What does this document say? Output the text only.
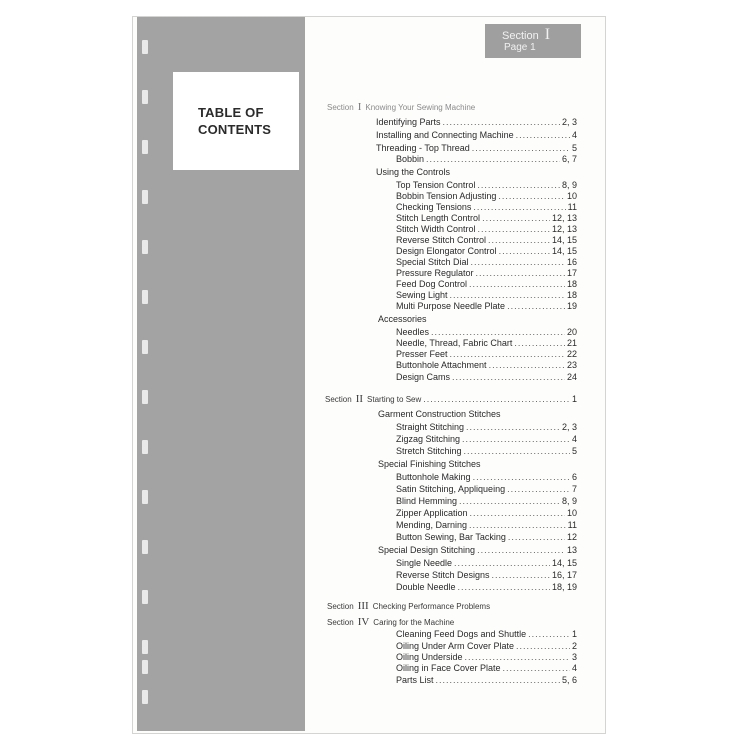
TABLE OF
CONTENTS
Section I
Page 1
Section I Knowing Your Sewing Machine
Identifying Parts .....	2, 3
Installing and Connecting Machine .....	4
Threading - Top Thread .....	5
Bobbin .....	6, 7
Using the Controls
Top Tension Control .....	8, 9
Bobbin Tension Adjusting .....	10
Checking Tensions .....	11
Stitch Length Control .....	12, 13
Stitch Width Control .....	12, 13
Reverse Stitch Control .....	14, 15
Design Elongator Control .....	14, 15
Special Stitch Dial .....	16
Pressure Regulator .....	17
Feed Dog Control .....	18
Sewing Light .....	18
Multi Purpose Needle Plate .....	19
Accessories
Needles .....	20
Needle, Thread, Fabric Chart .....	21
Presser Feet .....	22
Buttonhole Attachment .....	23
Design Cams .....	24
Section II Starting to Sew .....	1
Garment Construction Stitches
Straight Stitching .....	2, 3
Zigzag Stitching .....	4
Stretch Stitching .....	5
Special Finishing Stitches
Buttonhole Making .....	6
Satin Stitching, Appliqueing .....	7
Blind Hemming .....	8, 9
Zipper Application .....	10
Mending, Darning .....	11
Button Sewing, Bar Tacking .....	12
Special Design Stitching .....	13
Single Needle .....	14, 15
Reverse Stitch Designs .....	16, 17
Double Needle .....	18, 19
Section III Checking Performance Problems
Section IV Caring for the Machine
Cleaning Feed Dogs and Shuttle .....	1
Oiling Under Arm Cover Plate .....	2
Oiling Underside .....	3
Oiling in Face Cover Plate .....	4
Parts List .....	5, 6
